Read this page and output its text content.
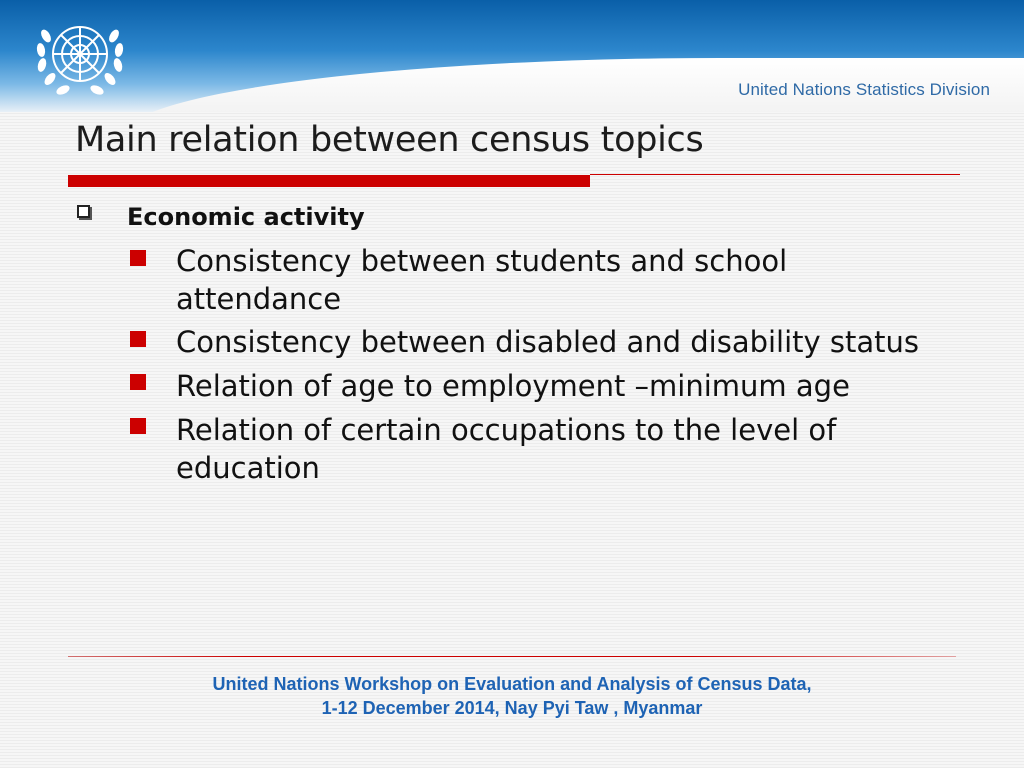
United Nations Statistics Division
Main relation between census topics
Economic activity
Consistency between students and school attendance
Consistency between disabled and disability status
Relation of age to employment –minimum age
Relation of certain occupations to the level of education
United Nations Workshop on Evaluation and Analysis of Census Data,
1-12 December 2014, Nay Pyi Taw , Myanmar
